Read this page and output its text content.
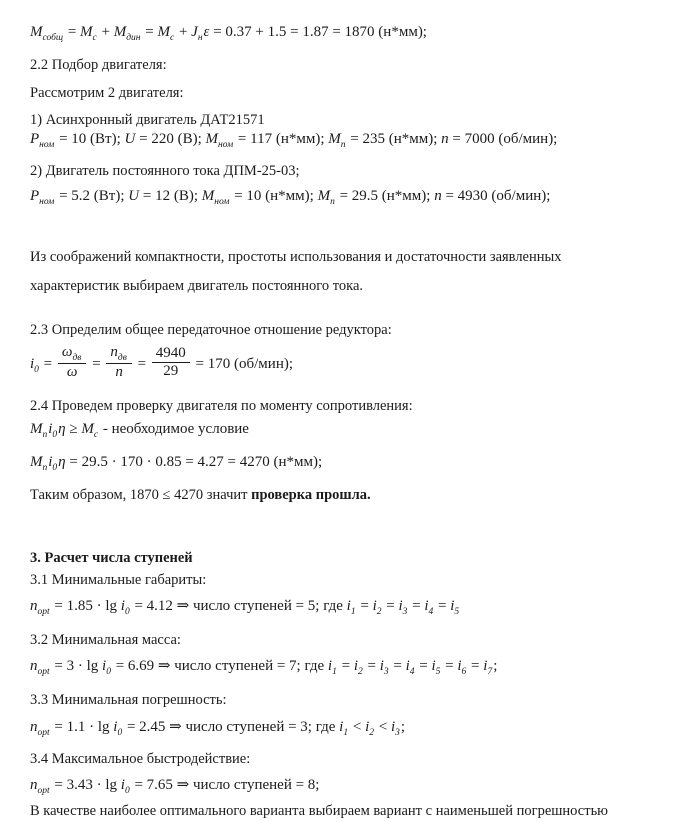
$M_{собщ} = M_с + M_{дин} = M_с + J_н\varepsilon = 0.37 + 1.5 = 1.87 = 1870$ (н*мм);
2.2 Подбор двигателя:
Рассмотрим 2 двигателя:
1) Асинхронный двигатель ДАТ21571
$P_{ном} = 10$ (Вт); U = 220 (В); $M_{ном} = 117$ (н*мм); $M_п = 235$ (н*мм); n = 7000 (об/мин);
2) Двигатель постоянного тока ДПМ-25-03;
$P_{ном} = 5.2$ (Вт); U = 12 (В); $M_{ном} = 10$ (н*мм); $M_п = 29.5$ (н*мм); n = 4930 (об/мин);
Из соображений компактности, простоты использования и достаточности заявленных характеристик выбираем двигатель постоянного тока.
2.3 Определим общее передаточное отношение редуктора:
$i_0 = \frac{\omega_{дв}}{\omega} = \frac{n_{дв}}{n} = \frac{4940}{29} = 170$ (об/мин);
2.4 Проведем проверку двигателя по моменту сопротивления:
$M_пi_0\eta \ge M_с$ - необходимое условие
$M_пi_0\eta = 29.5 \cdot 170 \cdot 0.85 = 4.27 = 4270$ (н*мм);
Таким образом, 1870 ≤ 4270 значит проверка прошла.
3. Расчет числа ступеней
3.1 Минимальные габариты:
$n_{opt} = 1.85 \cdot \lg i_0 = 4.12$ ⇒ число ступеней = 5; где $i_1 = i_2 = i_3 = i_4 = i_5$
3.2 Минимальная масса:
$n_{opt} = 3 \cdot \lg i_0 = 6.69$ ⇒ число ступеней = 7; где $i_1 = i_2 = i_3 = i_4 = i_5 = i_6 = i_7$;
3.3 Минимальная погрешность:
$n_{opt} = 1.1 \cdot \lg i_0 = 2.45$ ⇒ число ступеней = 3; где $i_1 < i_2 < i_3$;
3.4 Максимальное быстродействие:
$n_{opt} = 3.43 \cdot \lg i_0 = 7.65$ ⇒ число ступеней = 8;
В качестве наиболее оптимального варианта выбираем вариант с наименьшей погрешностью
